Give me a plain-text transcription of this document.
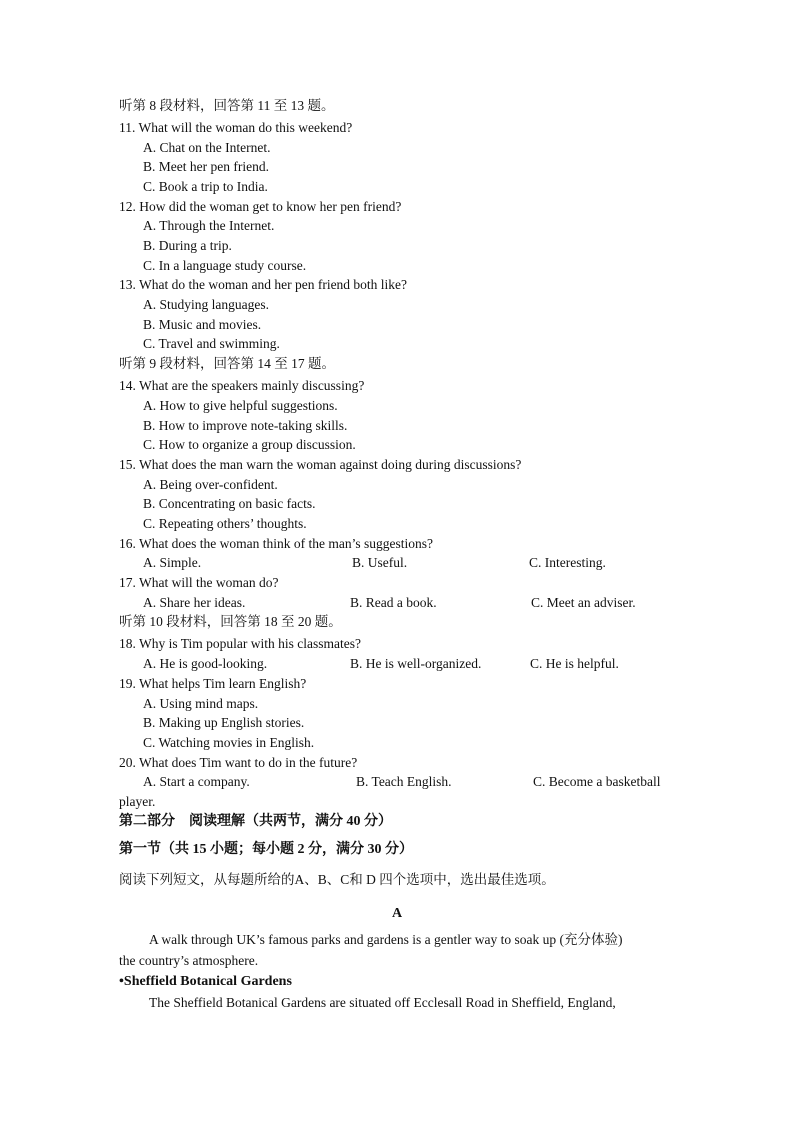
听第 8 段材料，回答第 11 至 13 题。
11. What will the woman do this weekend?
A. Chat on the Internet.
B. Meet her pen friend.
C. Book a trip to India.
12. How did the woman get to know her pen friend?
A. Through the Internet.
B. During a trip.
C. In a language study course.
13. What do the woman and her pen friend both like?
A. Studying languages.
B. Music and movies.
C. Travel and swimming.
听第 9 段材料，回答第 14 至 17 题。
14. What are the speakers mainly discussing?
A. How to give helpful suggestions.
B. How to improve note-taking skills.
C. How to organize a group discussion.
15. What does the man warn the woman against doing during discussions?
A. Being over-confident.
B. Concentrating on basic facts.
C. Repeating others’ thoughts.
16. What does the woman think of the man’s suggestions?
A. Simple.	B. Useful.	C. Interesting.
17. What will the woman do?
A. Share her ideas.	B. Read a book.	C. Meet an adviser.
听第 10 段材料，回答第 18 至 20 题。
18. Why is Tim popular with his classmates?
A. He is good-looking.	B. He is well-organized.	C. He is helpful.
19. What helps Tim learn English?
A. Using mind maps.
B. Making up English stories.
C. Watching movies in English.
20. What does Tim want to do in the future?
A. Start a company.	B. Teach English.	C. Become a basketball
player.
第二部分　阅读理解（共两节，满分 40 分）
第一节（共 15 小题；每小题 2 分，满分 30 分）
阅读下列短文，从每题所给的A、B、C和 D 四个选项中，选出最佳选项。
A
A walk through UK’s famous parks and gardens is a gentler way to soak up (充分体验)
the country’s atmosphere.
•Sheffield Botanical Gardens
The Sheffield Botanical Gardens are situated off Ecclesall Road in Sheffield, England,
